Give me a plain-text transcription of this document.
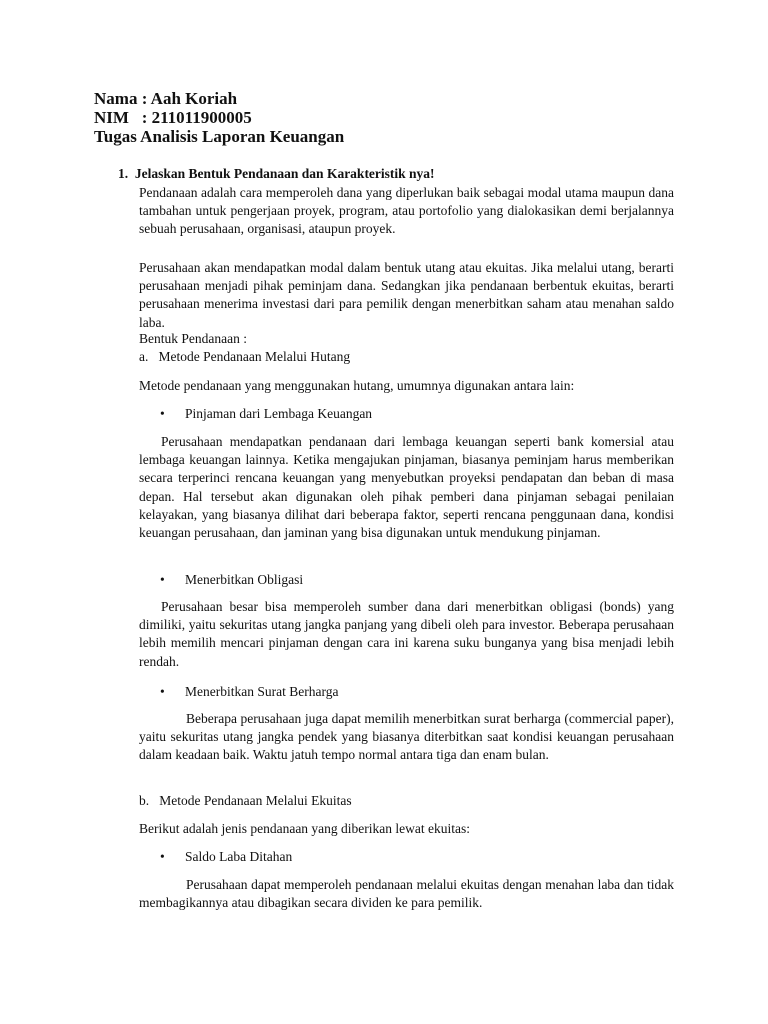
Nama : Aah Koriah
NIM   : 211011900005
Tugas Analisis Laporan Keuangan
1.  Jelaskan Bentuk Pendanaan dan Karakteristik nya!
Pendanaan adalah cara memperoleh dana yang diperlukan baik sebagai modal utama maupun dana tambahan untuk pengerjaan proyek, program, atau portofolio yang dialokasikan demi berjalannya sebuah perusahaan, organisasi, ataupun proyek.
Perusahaan akan mendapatkan modal dalam bentuk utang atau ekuitas. Jika melalui utang, berarti perusahaan menjadi pihak peminjam dana. Sedangkan jika pendanaan berbentuk ekuitas, berarti perusahaan menerima investasi dari para pemilik dengan menerbitkan saham atau menahan saldo laba.
Bentuk Pendanaan :
a.   Metode Pendanaan Melalui Hutang
Metode pendanaan yang menggunakan hutang, umumnya digunakan antara lain:
Pinjaman dari Lembaga Keuangan
Perusahaan mendapatkan pendanaan dari lembaga keuangan seperti bank komersial atau lembaga keuangan lainnya. Ketika mengajukan pinjaman, biasanya peminjam harus memberikan secara terperinci rencana keuangan yang menyebutkan proyeksi pendapatan dan beban di masa depan. Hal tersebut akan digunakan oleh pihak pemberi dana pinjaman sebagai penilaian kelayakan, yang biasanya dilihat dari beberapa faktor, seperti rencana penggunaan dana, kondisi keuangan perusahaan, dan jaminan yang bisa digunakan untuk mendukung pinjaman.
Menerbitkan Obligasi
Perusahaan besar bisa memperoleh sumber dana dari menerbitkan obligasi (bonds) yang dimiliki, yaitu sekuritas utang jangka panjang yang dibeli oleh para investor. Beberapa perusahaan lebih memilih mencari pinjaman dengan cara ini karena suku bunganya yang bisa menjadi lebih rendah.
Menerbitkan Surat Berharga
Beberapa perusahaan juga dapat memilih menerbitkan surat berharga (commercial paper), yaitu sekuritas utang jangka pendek yang biasanya diterbitkan saat kondisi keuangan perusahaan dalam keadaan baik. Waktu jatuh tempo normal antara tiga dan enam bulan.
b.   Metode Pendanaan Melalui Ekuitas
Berikut adalah jenis pendanaan yang diberikan lewat ekuitas:
Saldo Laba Ditahan
Perusahaan dapat memperoleh pendanaan melalui ekuitas dengan menahan laba dan tidak membagikannya atau dibagikan secara dividen ke para pemilik.
